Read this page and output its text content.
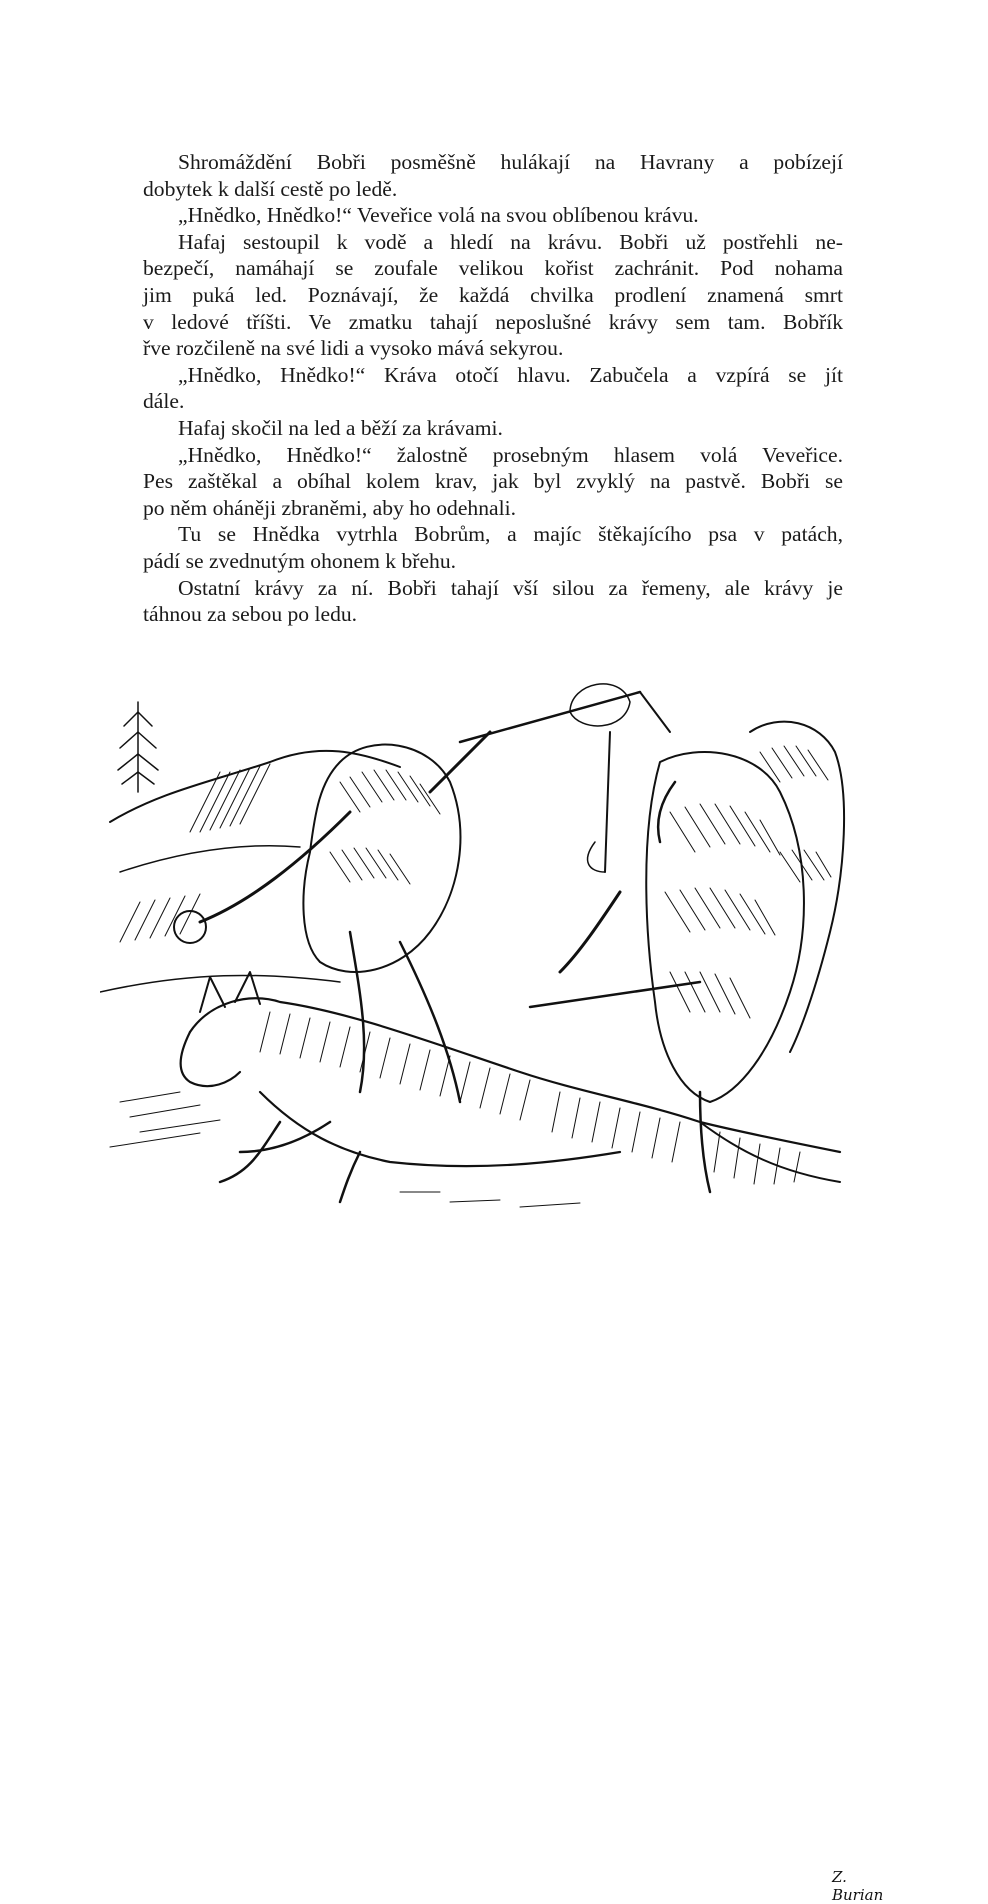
Shromáždění Bobři posměšně hulákají na Havrany a pobízejí
dobytek k další cestě po ledě.

„Hnědko, Hnědko!“ Veveřice volá na svou oblíbenou krávu.

Hafaj sestoupil k vodě a hledí na krávu. Bobři už postřehli ne-
bezpečí, namáhají se zoufale velikou kořist zachránit. Pod nohama
jim puká led. Poznávají, že každá chvilka prodlení znamená smrt
v ledové tříšti. Ve zmatku tahají neposlušné krávy sem tam. Bobřík
řve rozčileně na své lidi a vysoko mává sekyrou.

„Hnědko, Hnědko!“ Kráva otočí hlavu. Zabučela a vzpírá se jít
dále.

Hafaj skočil na led a běží za krávami.

„Hnědko, Hnědko!“ žalostně prosebným hlasem volá Veveřice.
Pes zaštěkal a obíhal kolem krav, jak byl zvyklý na pastvě. Bobři se
po něm oháněji zbraněmi, aby ho odehnali.

Tu se Hnědka vytrhla Bobrům, a majíc štěkajícího psa v patách,
pádí se zvednutým ohonem k břehu.

Ostatní krávy za ní. Bobři tahají vší silou za řemeny, ale krávy je
táhnou za sebou po ledu.

Z. Burian
